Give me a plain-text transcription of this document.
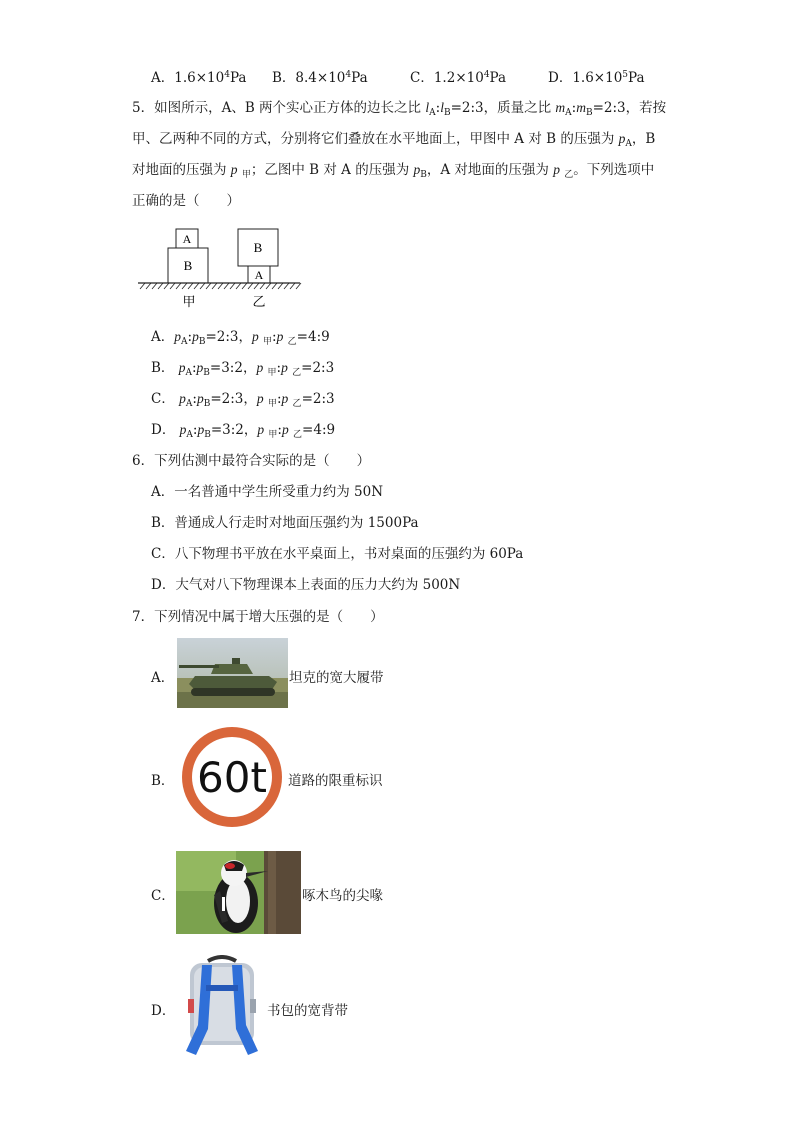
A．$1.6\times 10^4Pa$ B．$8.4\times 10^4Pa$	C．$1.2\times 10^4Pa$	D．$1.6\times 10^5Pa$
5．如图所示，A、B 两个实心正方体的边长之比 $l_A:l_B=2:3$，质量之比 $m_A:m_B=2:3$，若按
甲、乙两种不同的方式，分别将它们叠放在水平地面上，甲图中 A 对 B 的压强为 $p_A$，B
对地面的压强为 p $_甲$；乙图中 B 对 A 的压强为 $p_B$，A 对地面的压强为 p $_乙$。下列选项中
正确的是（　　）
A
B
B
A
甲	乙
A．$p_A:p_B=2:3$，p $_甲$:p $_乙$=4:9
B． $p_A:p_B=3:2$，p $_甲$:p $_乙$=2:3
C． $p_A:p_B=2:3$，p $_甲$:p $_乙$=2:3
D． $p_A:p_B=3:2$，p $_甲$:p $_乙$=4:9
6．下列估测中最符合实际的是（　　）
A．一名普通中学生所受重力约为 50N
B．普通成人行走时对地面压强约为 1500Pa
C．八下物理书平放在水平桌面上，书对桌面的压强约为 60Pa
D．大气对八下物理课本上表面的压力大约为 500N
7．下列情况中属于增大压强的是（　　）
A．	坦克的宽大履带
B． 60t 道路的限重标识
C．	啄木鸟的尖喙
D．	书包的宽背带
